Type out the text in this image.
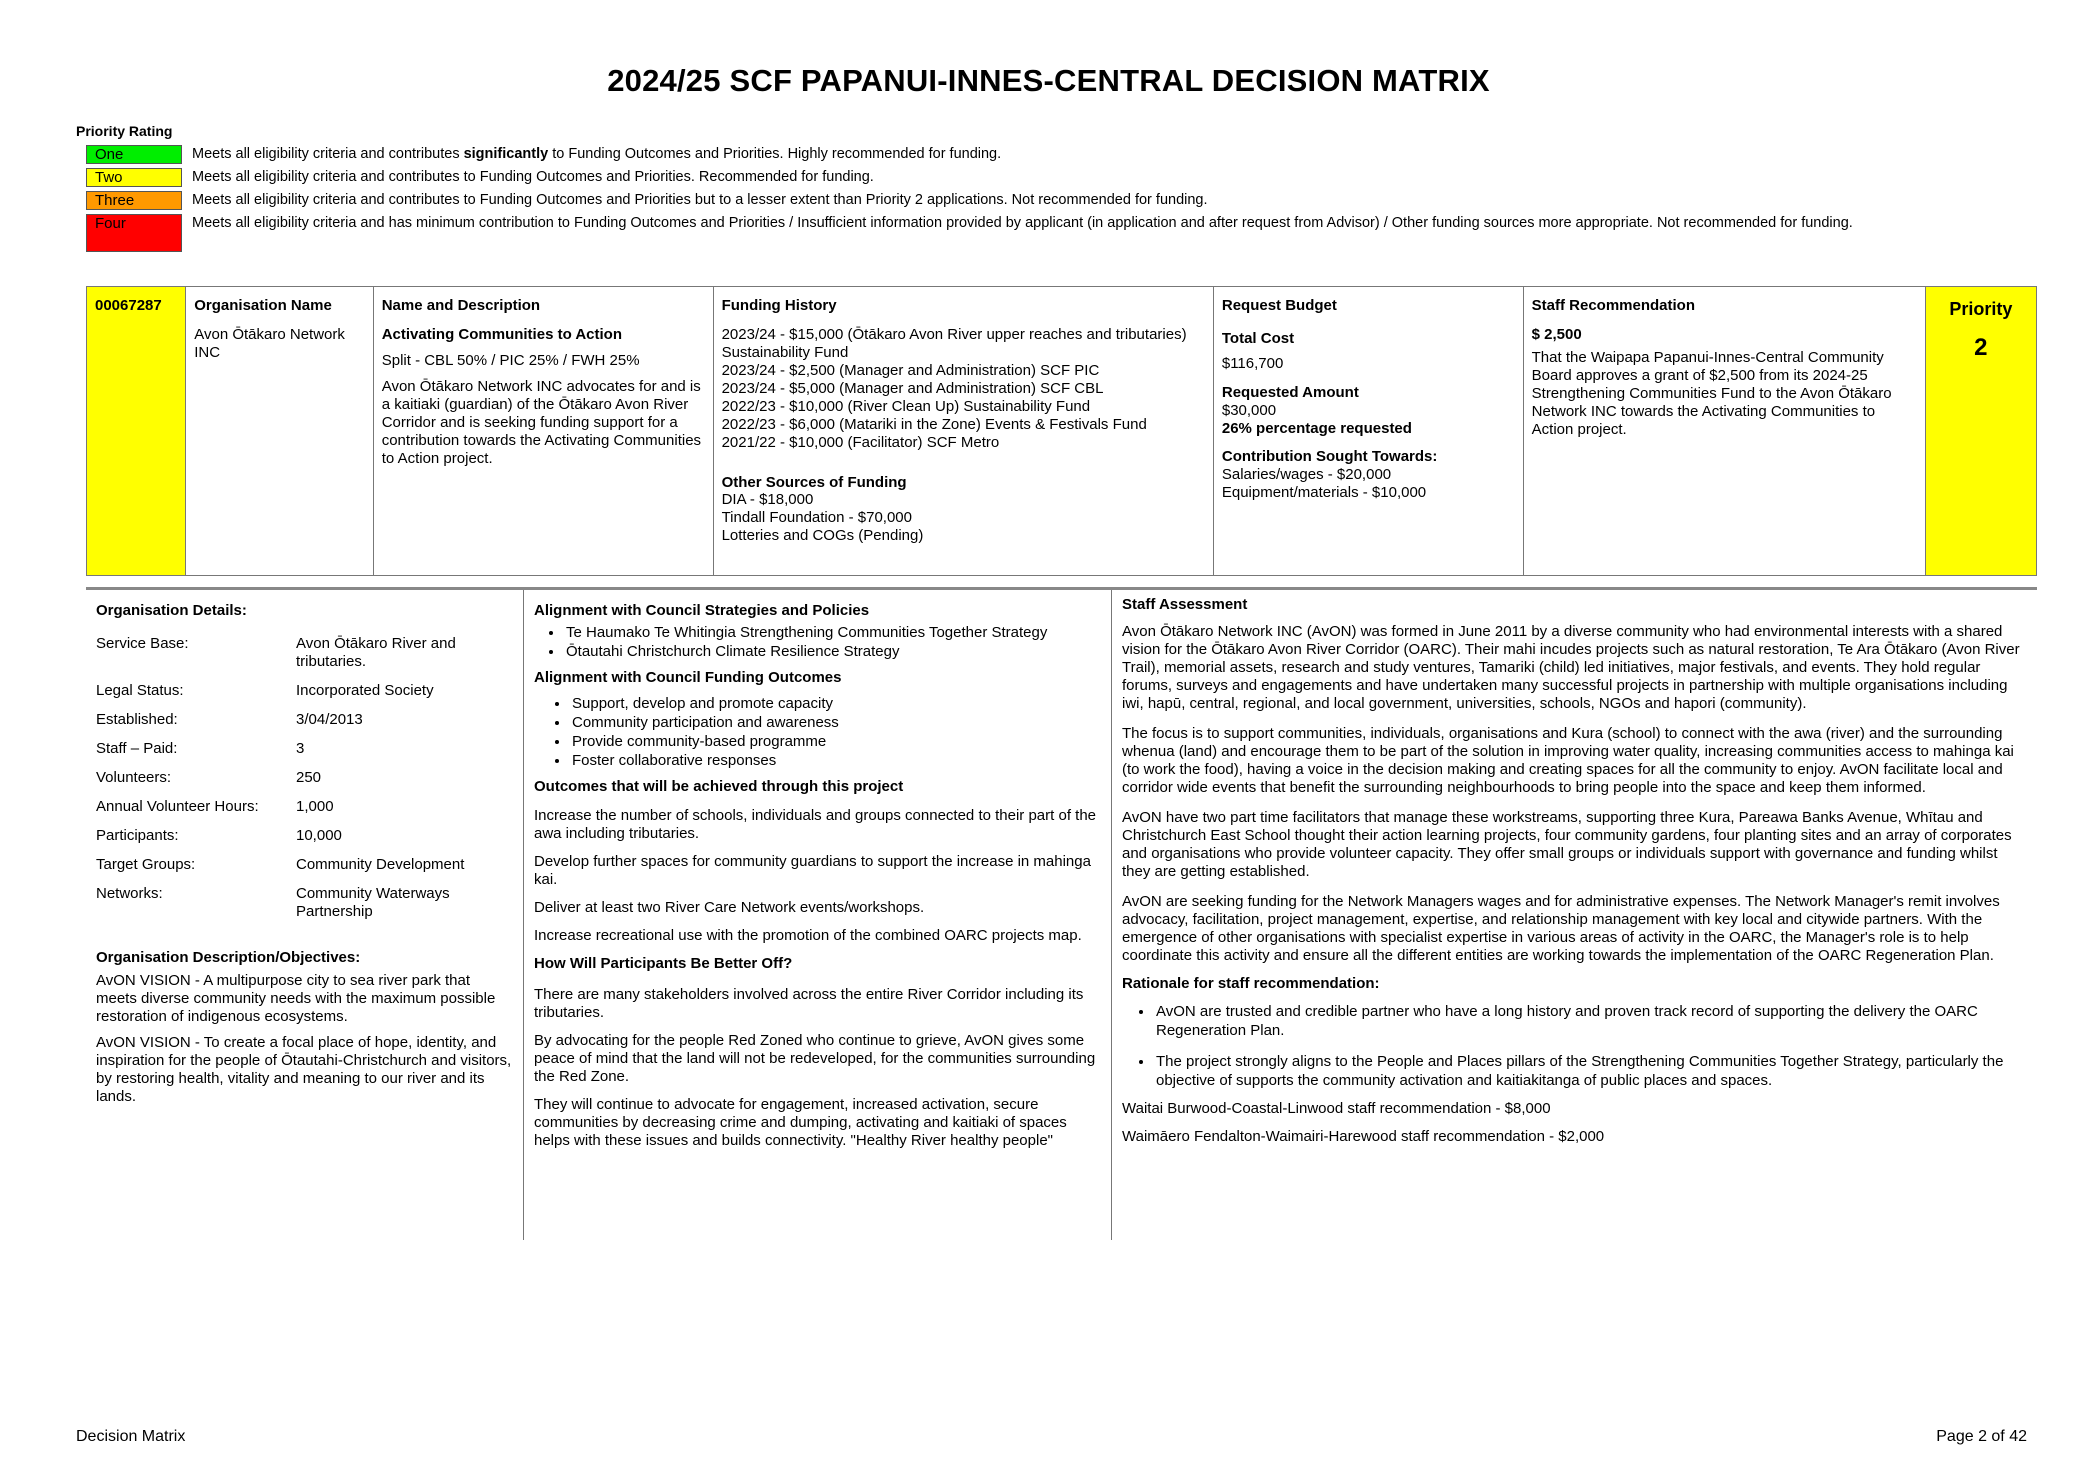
2024/25 SCF PAPANUI-INNES-CENTRAL DECISION MATRIX
Priority Rating
One	Meets all eligibility criteria and contributes significantly to Funding Outcomes and Priorities. Highly recommended for funding.
Two	Meets all eligibility criteria and contributes to Funding Outcomes and Priorities. Recommended for funding.
Three	Meets all eligibility criteria and contributes to Funding Outcomes and Priorities but to a lesser extent than Priority 2 applications. Not recommended for funding.
Four	Meets all eligibility criteria and has minimum contribution to Funding Outcomes and Priorities / Insufficient information provided by applicant (in application and after request from Advisor) / Other funding sources more appropriate. Not recommended for funding.
00067287	Organisation Name
Avon Ōtākaro Network INC

Name and Description
Activating Communities to Action
Split - CBL 50% / PIC 25% / FWH 25%
Avon Ōtākaro Network INC advocates for and is a kaitiaki (guardian) of the Ōtākaro Avon River Corridor and is seeking funding support for a contribution towards the Activating Communities to Action project.

Funding History
2023/24 - $15,000 (Ōtākaro Avon River upper reaches and tributaries) Sustainability Fund
2023/24 - $2,500 (Manager and Administration) SCF PIC
2023/24 - $5,000 (Manager and Administration) SCF CBL
2022/23 - $10,000 (River Clean Up) Sustainability Fund
2022/23 - $6,000 (Matariki in the Zone) Events & Festivals Fund
2021/22 - $10,000 (Facilitator) SCF Metro
Other Sources of Funding
DIA - $18,000
Tindall Foundation - $70,000
Lotteries and COGs (Pending)

Request Budget
Total Cost
$116,700
Requested Amount
$30,000
26% percentage requested
Contribution Sought Towards:
Salaries/wages - $20,000
Equipment/materials - $10,000

Staff Recommendation
$ 2,500
That the Waipapa Papanui-Innes-Central Community Board approves a grant of $2,500 from its 2024-25 Strengthening Communities Fund to the Avon Ōtākaro Network INC towards the Activating Communities to Action project.

Priority
2
Organisation Details:
Service Base:	Avon Ōtākaro River and tributaries.
Legal Status:	Incorporated Society
Established:	3/04/2013
Staff – Paid:	3
Volunteers:	250
Annual Volunteer Hours:	1,000
Participants:	10,000
Target Groups:	Community Development
Networks:	Community Waterways Partnership
Organisation Description/Objectives:
AvON VISION - A multipurpose city to sea river park that meets diverse community needs with the maximum possible restoration of indigenous ecosystems.
AvON VISION - To create a focal place of hope, identity, and inspiration for the people of Ōtautahi-Christchurch and visitors, by restoring health, vitality and meaning to our river and its lands.
Alignment with Council Strategies and Policies
• Te Haumako Te Whitingia Strengthening Communities Together Strategy
• Ōtautahi Christchurch Climate Resilience Strategy
Alignment with Council Funding Outcomes
• Support, develop and promote capacity
• Community participation and awareness
• Provide community-based programme
• Foster collaborative responses
Outcomes that will be achieved through this project
Increase the number of schools, individuals and groups connected to their part of the awa including tributaries.
Develop further spaces for community guardians to support the increase in mahinga kai.
Deliver at least two River Care Network events/workshops.
Increase recreational use with the promotion of the combined OARC projects map.
How Will Participants Be Better Off?
There are many stakeholders involved across the entire River Corridor including its tributaries.
By advocating for the people Red Zoned who continue to grieve, AvON gives some peace of mind that the land will not be redeveloped, for the communities surrounding the Red Zone.
They will continue to advocate for engagement, increased activation, secure communities by decreasing crime and dumping, activating and kaitiaki of spaces helps with these issues and builds connectivity. "Healthy River healthy people"
Staff Assessment
Avon Ōtākaro Network INC (AvON) was formed in June 2011 by a diverse community who had environmental interests with a shared vision for the Ōtākaro Avon River Corridor (OARC). Their mahi incudes projects such as natural restoration, Te Ara Ōtākaro (Avon River Trail), memorial assets, research and study ventures, Tamariki (child) led initiatives, major festivals, and events. They hold regular forums, surveys and engagements and have undertaken many successful projects in partnership with multiple organisations including iwi, hapū, central, regional, and local government, universities, schools, NGOs and hapori (community).
The focus is to support communities, individuals, organisations and Kura (school) to connect with the awa (river) and the surrounding whenua (land) and encourage them to be part of the solution in improving water quality, increasing communities access to mahinga kai (to work the food), having a voice in the decision making and creating spaces for all the community to enjoy. AvON facilitate local and corridor wide events that benefit the surrounding neighbourhoods to bring people into the space and keep them informed.
AvON have two part time facilitators that manage these workstreams, supporting three Kura, Pareawa Banks Avenue, Whītau and Christchurch East School thought their action learning projects, four community gardens, four planting sites and an array of corporates and organisations who provide volunteer capacity. They offer small groups or individuals support with governance and funding whilst they are getting established.
AvON are seeking funding for the Network Managers wages and for administrative expenses. The Network Manager's remit involves advocacy, facilitation, project management, expertise, and relationship management with key local and citywide partners. With the emergence of other organisations with specialist expertise in various areas of activity in the OARC, the Manager's role is to help coordinate this activity and ensure all the different entities are working towards the implementation of the OARC Regeneration Plan.
Rationale for staff recommendation:
• AvON are trusted and credible partner who have a long history and proven track record of supporting the delivery the OARC Regeneration Plan.
• The project strongly aligns to the People and Places pillars of the Strengthening Communities Together Strategy, particularly the objective of supports the community activation and kaitiakitanga of public places and spaces.
Waitai Burwood-Coastal-Linwood staff recommendation - $8,000
Waimāero Fendalton-Waimairi-Harewood staff recommendation - $2,000
Decision Matrix	Page 2 of 42
